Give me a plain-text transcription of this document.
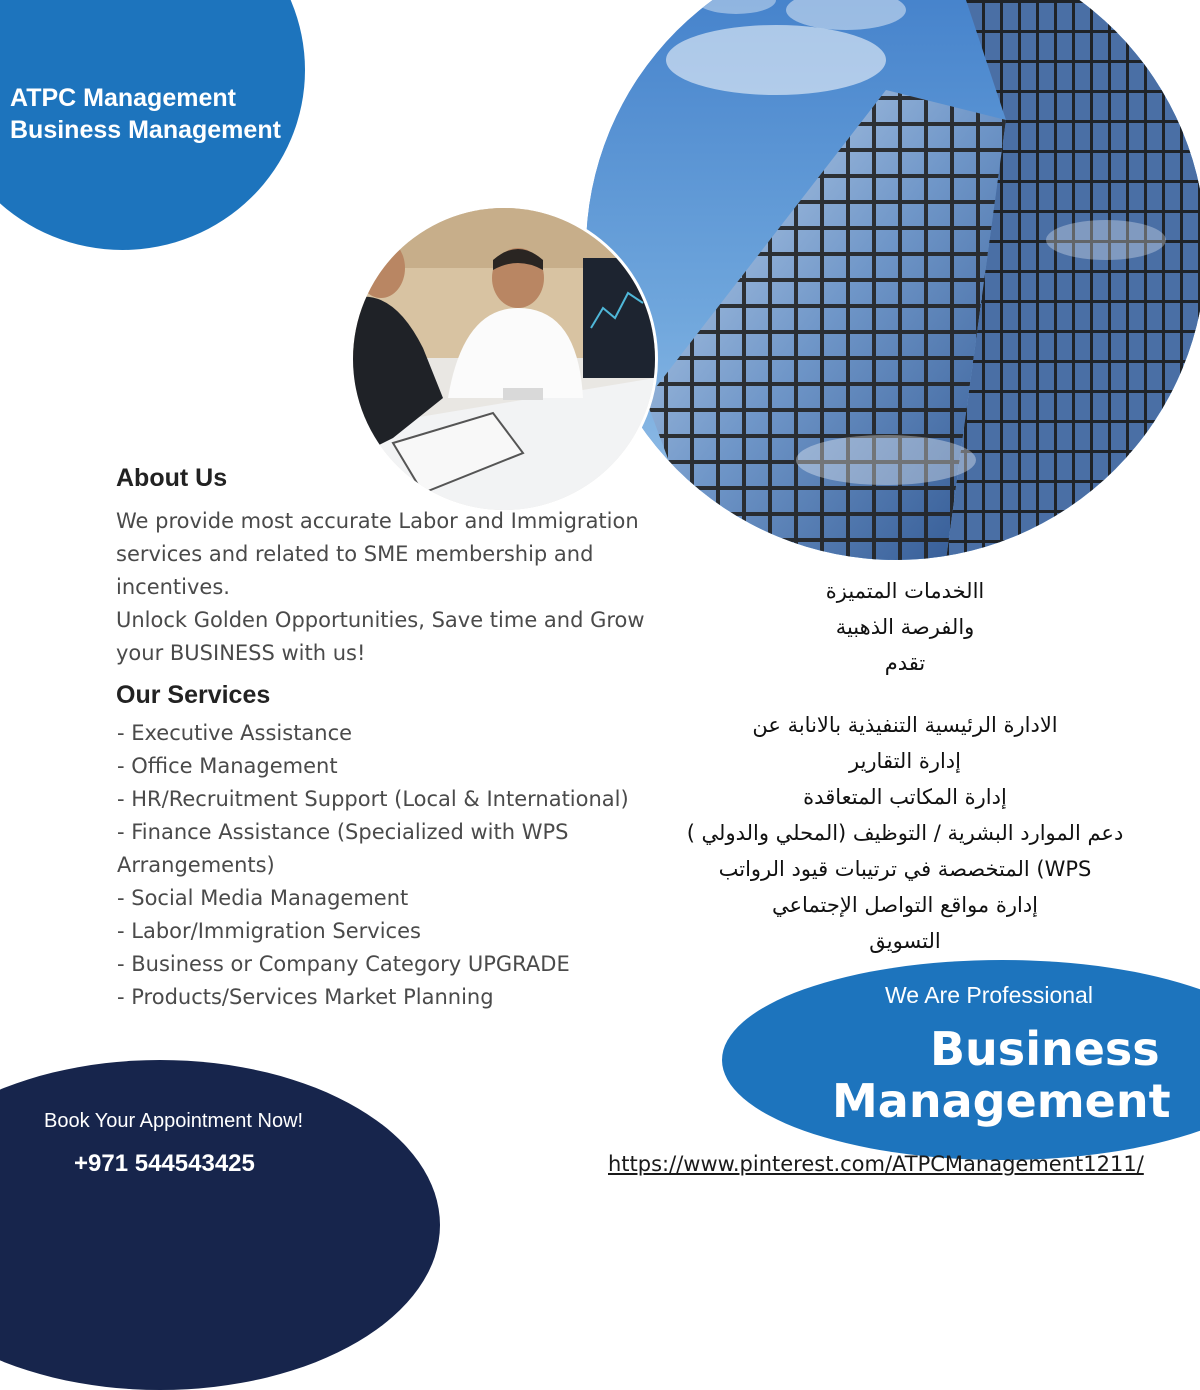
ATPC Management
Business Management
About Us

We provide most accurate Labor and Immigration services and related to SME membership and incentives.

Unlock Golden Opportunities, Save time and Grow your BUSINESS with us!

Our Services
- Executive Assistance
- Office Management
- HR/Recruitment Support (Local & International)
- Finance Assistance (Specialized with WPS Arrangements)
- Social Media Management
- Labor/Immigration Services
- Business or Company Category UPGRADE
- Products/Services Market Planning
االخدمات المتميزة
والفرصة الذهبية
تقدم
الادارة الرئيسية التنفيذية بالانابة عن
إدارة التقارير
إدارة المكاتب المتعاقدة
دعم الموارد البشرية / التوظيف (المحلي والدولي )
WPS) المتخصصة في ترتيبات قيود الرواتب
إدارة مواقع التواصل الإجتماعي
التسويق
We Are Professional
Business
Management
Book Your Appointment Now!
+971 544543425	https://www.pinterest.com/ATPCManagement1211/
